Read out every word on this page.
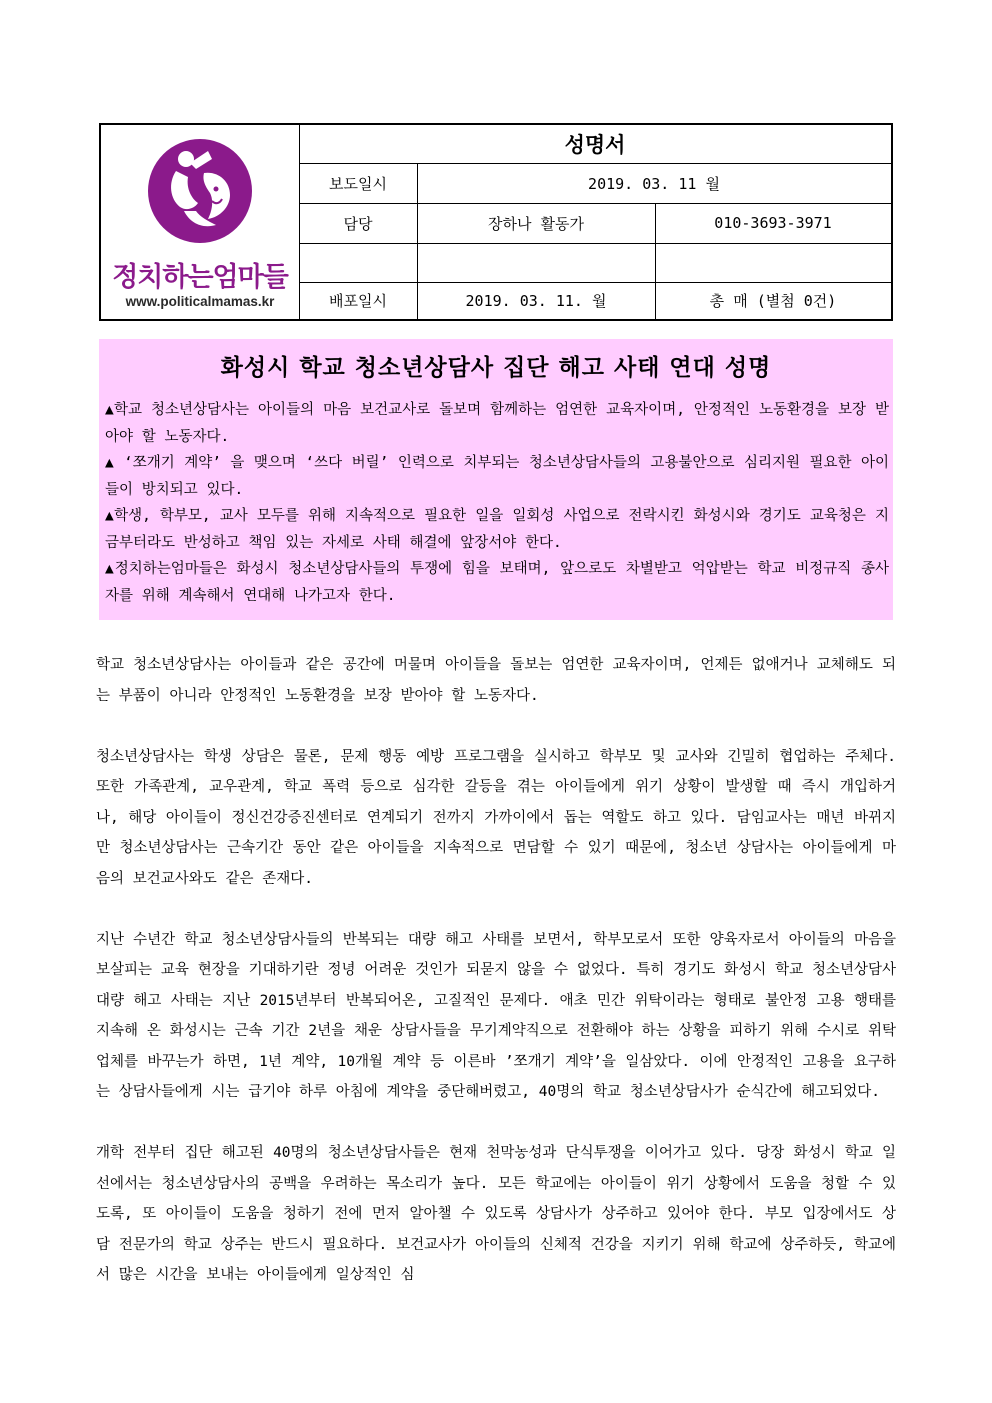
정치하는엄마들
www.politicalmamas.kr
성명서
보도일시	2019. 03. 11 월
담당	장하나 활동가	010-3693-3971
배포일시	2019. 03. 11. 월	총 매 (별첨 0건)
화성시 학교 청소년상담사 집단 해고 사태 연대 성명

▲학교 청소년상담사는 아이들의 마음 보건교사로 돌보며 함께하는 엄연한 교육자이며, 안정적인 노동환경을 보장 받아야 할 노동자다.

▲ ‘쪼개기 계약’ 을 맺으며 ‘쓰다 버릴’ 인력으로 치부되는 청소년상담사들의 고용불안으로 심리지원 필요한 아이들이 방치되고 있다.

▲학생, 학부모, 교사 모두를 위해 지속적으로 필요한 일을 일회성 사업으로 전락시킨 화성시와 경기도 교육청은 지금부터라도 반성하고 책임 있는 자세로 사태 해결에 앞장서야 한다.

▲정치하는엄마들은 화성시 청소년상담사들의 투쟁에 힘을 보태며, 앞으로도 차별받고 억압받는 학교 비정규직 종사자를 위해 계속해서 연대해 나가고자 한다.

학교 청소년상담사는 아이들과 같은 공간에 머물며 아이들을 돌보는 엄연한 교육자이며, 언제든 없애거나 교체해도 되는 부품이 아니라 안정적인 노동환경을 보장 받아야 할 노동자다.

청소년상담사는 학생 상담은 물론, 문제 행동 예방 프로그램을 실시하고 학부모 및 교사와 긴밀히 협업하는 주체다. 또한 가족관계, 교우관계, 학교 폭력 등으로 심각한 갈등을 겪는 아이들에게 위기 상황이 발생할 때 즉시 개입하거나, 해당 아이들이 정신건강증진센터로 연계되기 전까지 가까이에서 돕는 역할도 하고 있다. 담임교사는 매년 바뀌지만 청소년상담사는 근속기간 동안 같은 아이들을 지속적으로 면담할 수 있기 때문에, 청소년 상담사는 아이들에게 마음의 보건교사와도 같은 존재다.

지난 수년간 학교 청소년상담사들의 반복되는 대량 해고 사태를 보면서, 학부모로서 또한 양육자로서 아이들의 마음을 보살피는 교육 현장을 기대하기란 정녕 어려운 것인가 되묻지 않을 수 없었다. 특히 경기도 화성시 학교 청소년상담사 대량 해고 사태는 지난 2015년부터 반복되어온, 고질적인 문제다. 애초 민간 위탁이라는 형태로 불안정 고용 행태를 지속해 온 화성시는 근속 기간 2년을 채운 상담사들을 무기계약직으로 전환해야 하는 상황을 피하기 위해 수시로 위탁 업체를 바꾸는가 하면, 1년 계약, 10개월 계약 등 이른바 ’쪼개기 계약’을 일삼았다. 이에 안정적인 고용을 요구하는 상담사들에게 시는 급기야 하루 아침에 계약을 중단해버렸고, 40명의 학교 청소년상담사가 순식간에 해고되었다.

개학 전부터 집단 해고된 40명의 청소년상담사들은 현재 천막농성과 단식투쟁을 이어가고 있다. 당장 화성시 학교 일선에서는 청소년상담사의 공백을 우려하는 목소리가 높다. 모든 학교에는 아이들이 위기 상황에서 도움을 청할 수 있도록, 또 아이들이 도움을 청하기 전에 먼저 알아챌 수 있도록 상담사가 상주하고 있어야 한다. 부모 입장에서도 상담 전문가의 학교 상주는 반드시 필요하다. 보건교사가 아이들의 신체적 건강을 지키기 위해 학교에 상주하듯, 학교에서 많은 시간을 보내는 아이들에게 일상적인 심
